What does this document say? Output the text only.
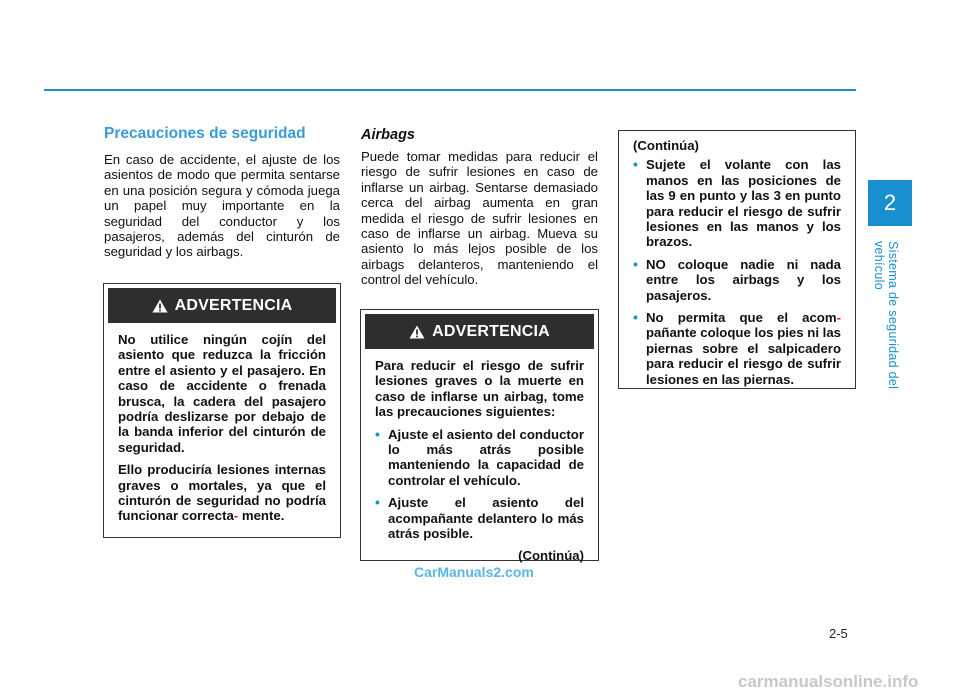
Precauciones de seguridad

En caso de accidente, el ajuste de los asientos de modo que permita sentarse en una posición segura y cómoda juega un papel muy importante en la seguridad del conductor y los pasajeros, además del cinturón de seguridad y los airbags.

ADVERTENCIA

No utilice ningún cojín del asiento que reduzca la fricción entre el asiento y el pasajero. En caso de accidente o frenada brusca, la cadera del pasajero podría deslizarse por debajo de la banda inferior del cinturón de seguridad.

Ello produciría lesiones internas graves o mortales, ya que el cinturón de seguridad no podría funcionar correcta- mente.

Airbags

Puede tomar medidas para reducir el riesgo de sufrir lesiones en caso de inflarse un airbag. Sentarse demasiado cerca del airbag aumenta en gran medida el riesgo de sufrir lesiones en caso de inflarse un airbag. Mueva su asiento lo más lejos posible de los airbags delanteros, manteniendo el control del vehículo.

ADVERTENCIA

Para reducir el riesgo de sufrir lesiones graves o la muerte en caso de inflarse un airbag, tome las precauciones siguientes:

• Ajuste el asiento del conductor lo más atrás posible manteniendo la capacidad de controlar el vehículo.
• Ajuste el asiento del acompañante delantero lo más atrás posible.
(Continúa)

(Continúa)

• Sujete el volante con las manos en las posiciones de las 9 en punto y las 3 en punto para reducir el riesgo de sufrir lesiones en las manos y los brazos.
• NO coloque nadie ni nada entre los airbags y los pasajeros.
• No permita que el acom- pañante coloque los pies ni las piernas sobre el salpicadero para reducir el riesgo de sufrir lesiones en las piernas.
2
Sistema de seguridad del vehículo
CarManuals2.com
2-5
carmanualsonline.info
